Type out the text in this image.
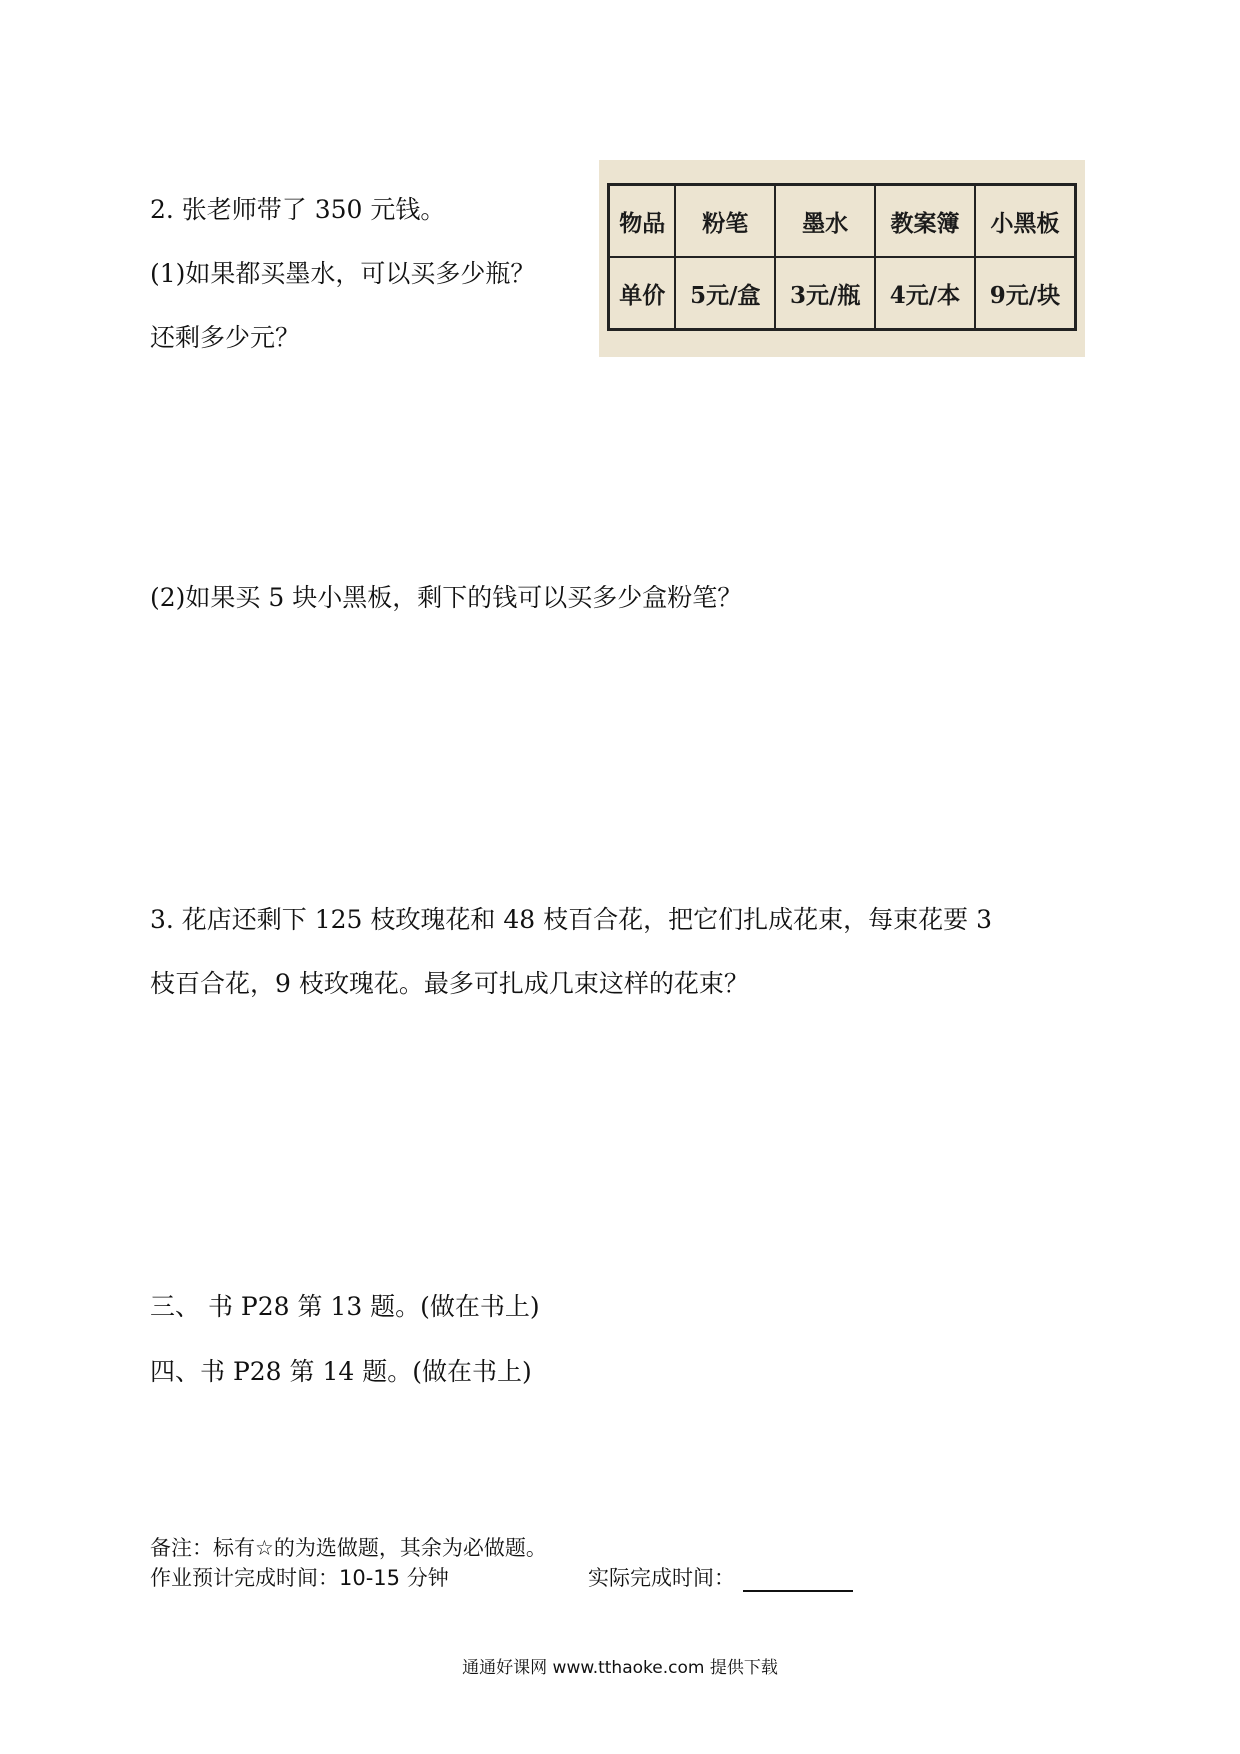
2. 张老师带了 350 元钱。
(1)如果都买墨水，可以买多少瓶？
还剩多少元？
物品	粉笔	墨水	教案簿	小黑板
单价	5元/盒	3元/瓶	4元/本	9元/块
(2)如果买 5 块小黑板，剩下的钱可以买多少盒粉笔？
3. 花店还剩下 125 枝玫瑰花和 48 枝百合花，把它们扎成花束，每束花要 3
枝百合花，9 枝玫瑰花。最多可扎成几束这样的花束？
三、 书 P28 第 13 题。(做在书上)
四、书 P28 第 14 题。(做在书上)
备注：标有☆的为选做题，其余为必做题。
作业预计完成时间：10-15 分钟	实际完成时间：
通通好课网 www.tthaoke.com 提供下载
